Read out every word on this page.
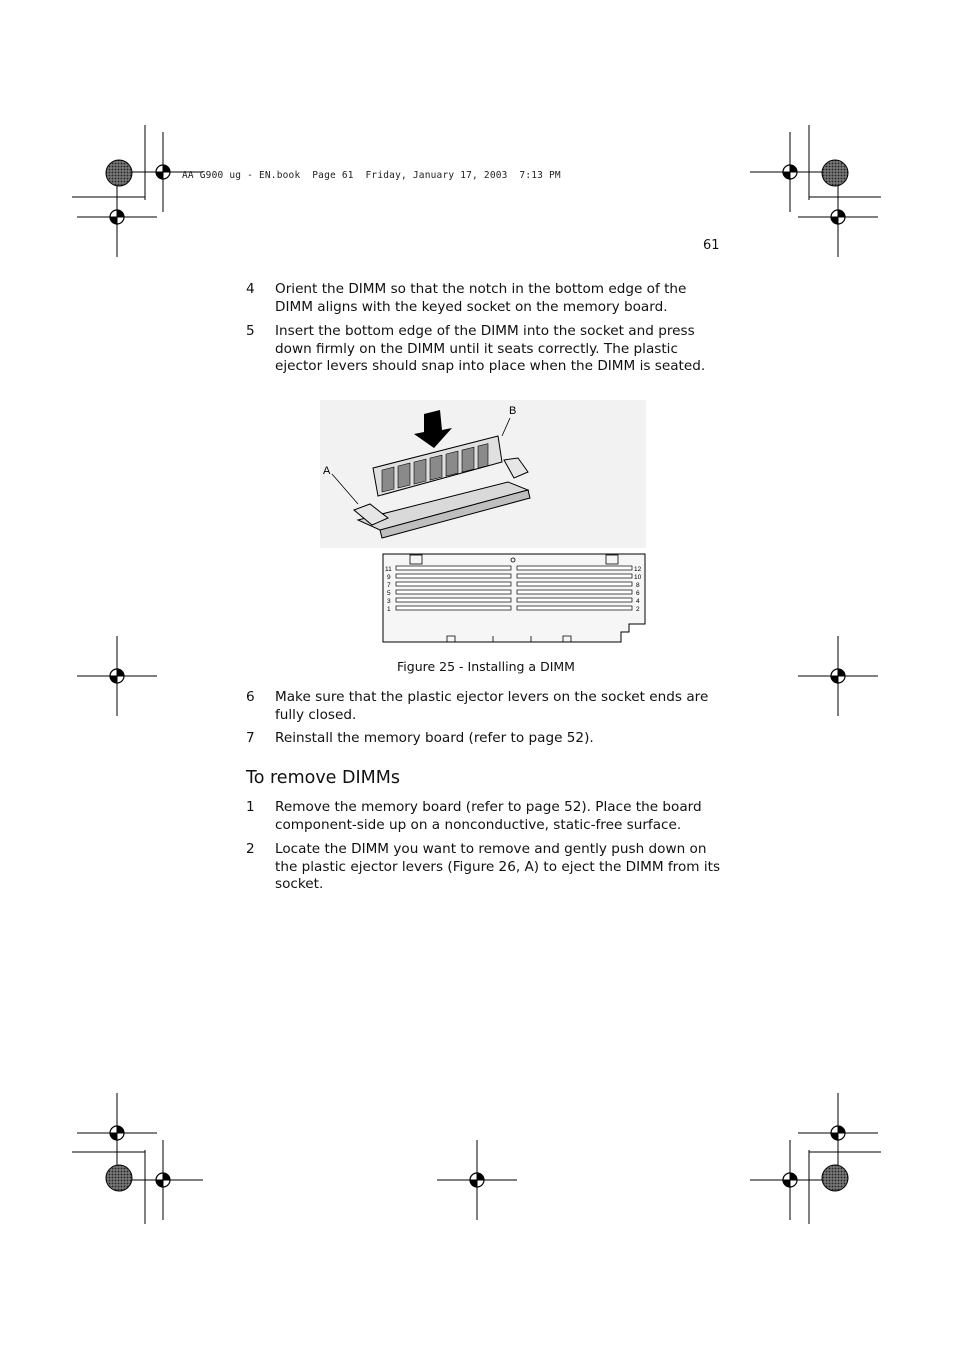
AA G900 ug - EN.book  Page 61  Friday, January 17, 2003  7:13 PM
61
4 Orient the DIMM so that the notch in the bottom edge of the DIMM aligns with the keyed socket on the memory board.
5 Insert the bottom edge of the DIMM into the socket and press down firmly on the DIMM until it seats correctly. The plastic ejector levers should snap into place when the DIMM is seated.
A
B
11
9
7
5
3
1
12
10
8
6
4
2
Figure 25 - Installing a DIMM
6 Make sure that the plastic ejector levers on the socket ends are fully closed.
7 Reinstall the memory board (refer to page 52).
To remove DIMMs
1 Remove the memory board (refer to page 52). Place the board component-side up on a nonconductive, static-free surface.
2 Locate the DIMM you want to remove and gently push down on the plastic ejector levers (Figure 26, A) to eject the DIMM from its socket.
